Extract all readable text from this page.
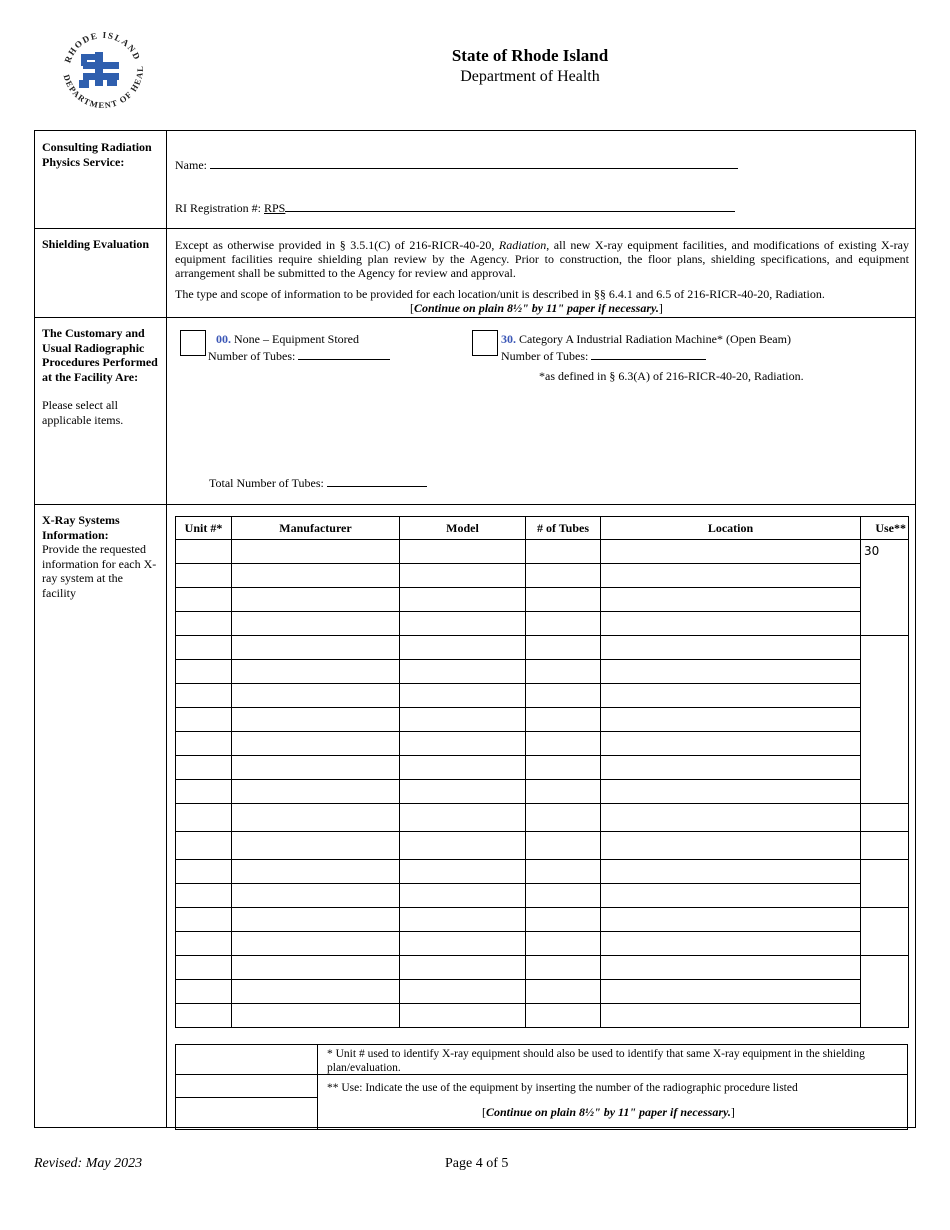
RHODE ISLAND
DEPARTMENT OF HEAL
State of Rhode Island
Department of Health
Consulting Radiation Physics Service:	Name:
RI Registration #: RPS
Shielding Evaluation	Except as otherwise provided in § 3.5.1(C) of 216-RICR-40-20, Radiation, all new X-ray equipment facilities, and modifications of existing X-ray equipment facilities require shielding plan review by the Agency. Prior to construction, the floor plans, shielding specifications, and equipment arrangement shall be submitted to the Agency for review and approval.
The type and scope of information to be provided for each location/unit is described in §§ 6.4.1 and 6.5 of 216-RICR-40-20, Radiation.
[Continue on plain 8½" by 11" paper if necessary.]
The Customary and Usual Radiographic Procedures Performed at the Facility Are:
Please select all applicable items.
00. None – Equipment Stored
Number of Tubes:
30. Category A Industrial Radiation Machine* (Open Beam)
Number of Tubes:
*as defined in § 6.3(A) of 216-RICR-40-20, Radiation.
Total Number of Tubes:
X-Ray Systems Information:
Provide the requested information for each X-ray system at the facility
Unit #*	Manufacturer	Model	# of Tubes	Location	Use**
					30

* Unit # used to identify X-ray equipment should also be used to identify that same X-ray equipment in the shielding plan/evaluation.
** Use: Indicate the use of the equipment by inserting the number of the radiographic procedure listed
[Continue on plain 8½" by 11" paper if necessary.]
Revised: May 2023	Page 4 of 5
